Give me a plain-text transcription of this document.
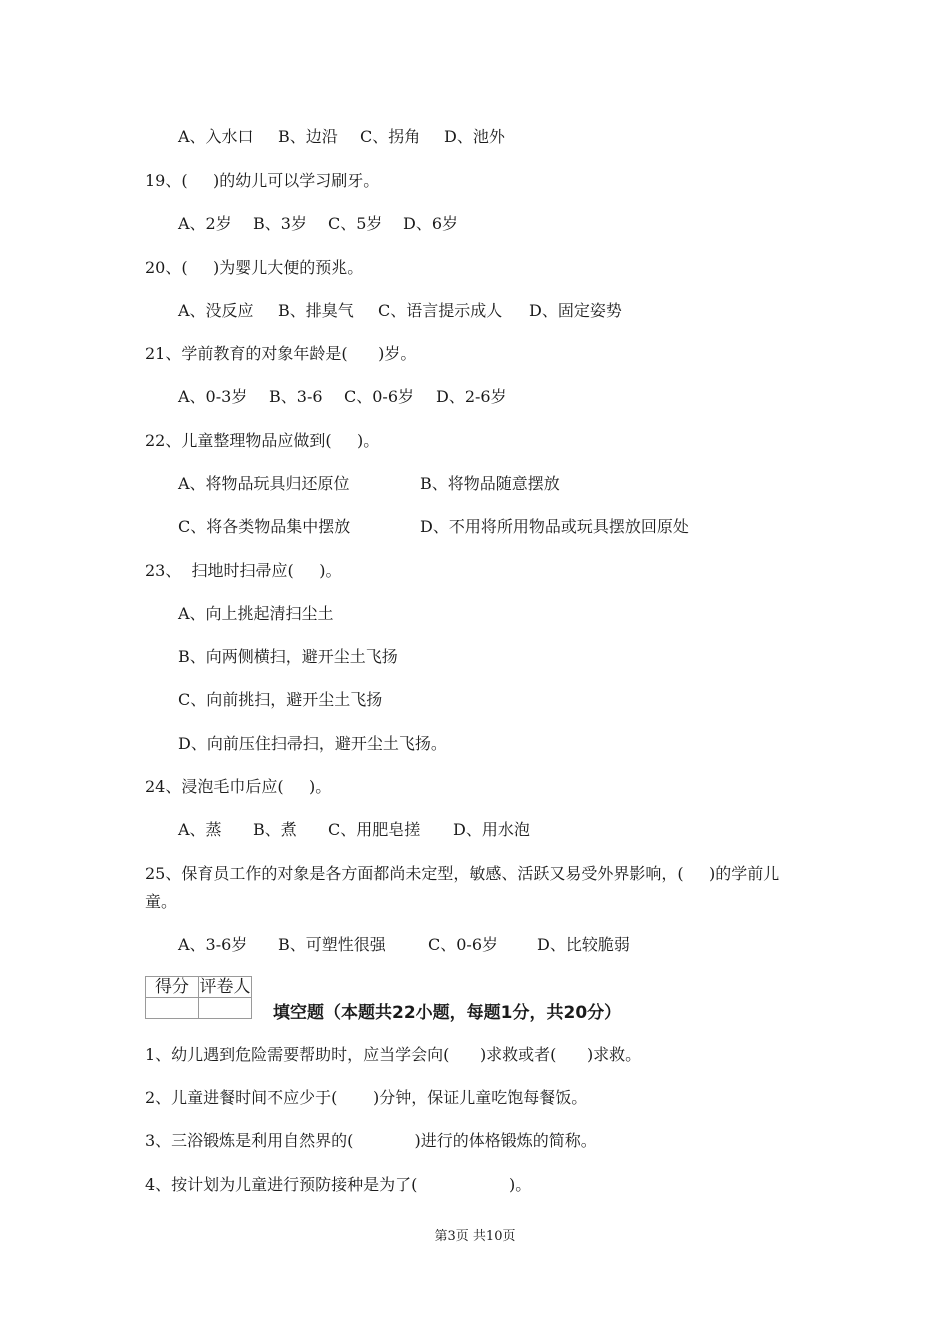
A、入水口

B、边沿

C、拐角

D、池外

19、(     )的幼儿可以学习刷牙。

A、2岁

B、3岁

C、5岁

D、6岁

20、(     )为婴儿大便的预兆。

A、没反应

B、排臭气

C、语言提示成人

D、固定姿势

21、学前教育的对象年龄是(      )岁。

A、0-3岁

B、3-6

C、0-6岁

D、2-6岁

22、儿童整理物品应做到(     )。

A、将物品玩具归还原位

	B、将物品随意摆放

C、将各类物品集中摆放

	D、不用将所用物品或玩具摆放回原处

23、  扫地时扫帚应(     )。
A、向上挑起清扫尘土
B、向两侧横扫，避开尘土飞扬
C、向前挑扫，避开尘土飞扬
D、向前压住扫帚扫，避开尘土飞扬。
24、浸泡毛巾后应(     )。

A、蒸

B、煮

C、用肥皂搓

D、用水泡

25、保育员工作的对象是各方面都尚未定型，敏感、活跃又易受外界影响，(     )的学前儿
童。

A、3-6岁

B、可塑性很强

	C、0-6岁

D、比较脆弱

得分	评卷人

填空题（本题共22小题，每题1分，共20分）
1、幼儿遇到危险需要帮助时，应当学会向(      )求救或者(      )求救。
2、儿童进餐时间不应少于(       )分钟，保证儿童吃饱每餐饭。
3、三浴锻炼是利用自然界的(            )进行的体格锻炼的简称。
4、按计划为儿童进行预防接种是为了(                  )。
第3页 共10页
